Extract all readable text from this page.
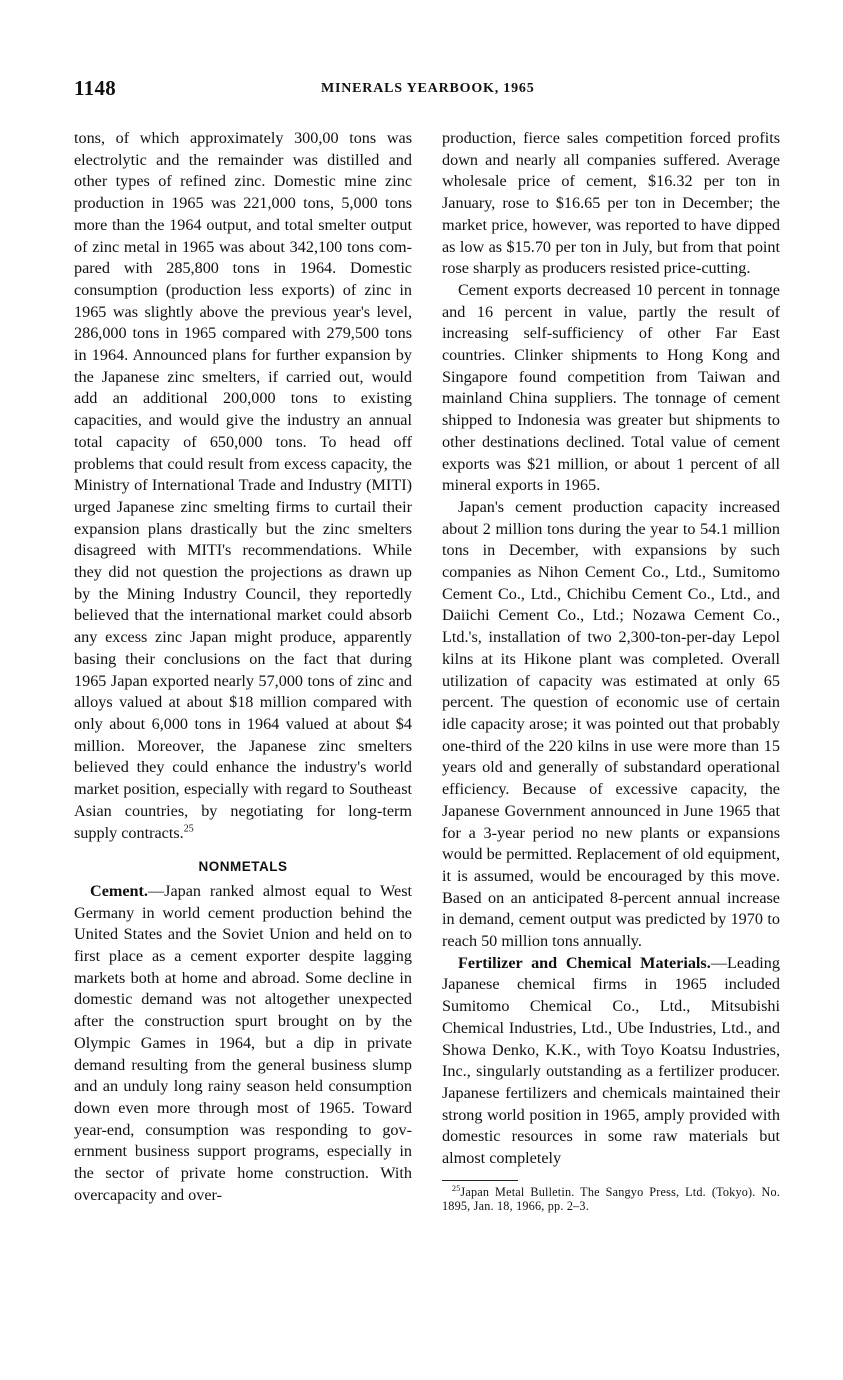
1148	MINERALS YEARBOOK, 1965

tons, of which approximately 300,00 tons was electrolytic and the remainder was distilled and other types of refined zinc. Domestic mine zinc production in 1965 was 221,000 tons, 5,000 tons more than the 1964 output, and total smelter output of zinc metal in 1965 was about 342,100 tons compared with 285,800 tons in 1964. Domestic consumption (production less exports) of zinc in 1965 was slightly above the previous year's level, 286,000 tons in 1965 compared with 279,500 tons in 1964. Announced plans for further expansion by the Japanese zinc smelters, if carried out, would add an additional 200,000 tons to existing capacities, and would give the industry an annual total capacity of 650,000 tons. To head off problems that could result from excess capacity, the Ministry of International Trade and Industry (MITI) urged Japanese zinc smelting firms to curtail their expansion plans drastically but the zinc smelters disagreed with MITI's recommendations. While they did not question the projections as drawn up by the Mining Industry Council, they reportedly believed that the international market could absorb any excess zinc Japan might produce, apparently basing their conclusions on the fact that during 1965 Japan exported nearly 57,000 tons of zinc and alloys valued at about $18 million compared with only about 6,000 tons in 1964 valued at about $4 million. Moreover, the Japanese zinc smelters believed they could enhance the industry's world market position, especially with regard to Southeast Asian countries, by negotiating for long-term supply contracts.$^{25}$

NONMETALS

Cement.—Japan ranked almost equal to West Germany in world cement production behind the United States and the Soviet Union and held on to first place as a cement exporter despite lagging markets both at home and abroad. Some decline in domestic demand was not altogether unexpected after the construction spurt brought on by the Olympic Games in 1964, but a dip in private demand resulting from the general business slump and an unduly long rainy season held consumption down even more through most of 1965. Toward year-end, consumption was responding to government business support programs, especially in the sector of private home construction. With overcapacity and over-

production, fierce sales competition forced profits down and nearly all companies suffered. Average wholesale price of cement, $16.32 per ton in January, rose to $16.65 per ton in December; the market price, however, was reported to have dipped as low as $15.70 per ton in July, but from that point rose sharply as producers resisted price-cutting.

Cement exports decreased 10 percent in tonnage and 16 percent in value, partly the result of increasing self-sufficiency of other Far East countries. Clinker shipments to Hong Kong and Singapore found competition from Taiwan and mainland China suppliers. The tonnage of cement shipped to Indonesia was greater but shipments to other destinations declined. Total value of cement exports was $21 million, or about 1 percent of all mineral exports in 1965.

Japan's cement production capacity increased about 2 million tons during the year to 54.1 million tons in December, with expansions by such companies as Nihon Cement Co., Ltd., Sumitomo Cement Co., Ltd., Chichibu Cement Co., Ltd., and Daiichi Cement Co., Ltd.; Nozawa Cement Co., Ltd.'s, installation of two 2,300-ton-per-day Lepol kilns at its Hikone plant was completed. Overall utilization of capacity was estimated at only 65 percent. The question of economic use of certain idle capacity arose; it was pointed out that probably one-third of the 220 kilns in use were more than 15 years old and generally of substandard operational efficiency. Because of excessive capacity, the Japanese Government announced in June 1965 that for a 3-year period no new plants or expansions would be permitted. Replacement of old equipment, it is assumed, would be encouraged by this move. Based on an anticipated 8-percent annual increase in demand, cement output was predicted by 1970 to reach 50 million tons annually.

Fertilizer and Chemical Materials.—Leading Japanese chemical firms in 1965 included Sumitomo Chemical Co., Ltd., Mitsubishi Chemical Industries, Ltd., Ube Industries, Ltd., and Showa Denko, K.K., with Toyo Koatsu Industries, Inc., singularly outstanding as a fertilizer producer. Japanese fertilizers and chemicals maintained their strong world position in 1965, amply provided with domestic resources in some raw materials but almost completely

$^{25}$Japan Metal Bulletin. The Sangyo Press, Ltd. (Tokyo). No. 1895, Jan. 18, 1966, pp. 2–3.
